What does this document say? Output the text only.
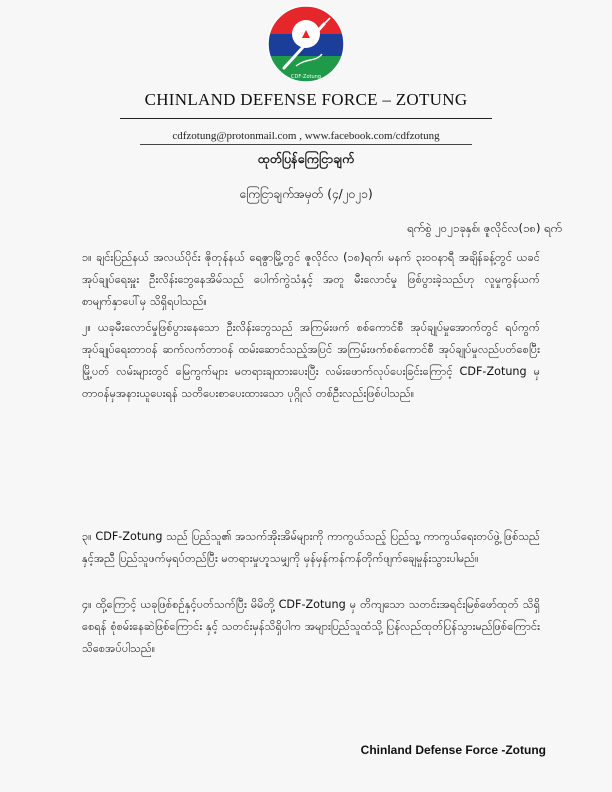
CDF-Zotung
CHINLAND DEFENSE FORCE – ZOTUNG
cdfzotung@protonmail.com , www.facebook.com/cdfzotung
ထုတ်ပြန်ကြေငြာချက်
ကြေငြာချက်အမှတ် (၄/၂၀၂၁)
ရက်စွဲ ၂၀၂၁ခုနှစ်၊ ဇူလိုင်လ(၁၈) ရက်
၁။ ချင်းပြည်နယ် အလယ်ပိုင်း ဇိုတုန်နယ် ရေဇွာမြို့တွင် ဇူလိုင်လ (၁၈)ရက်၊ မနက် ၃း၀၀နာရီ အချိန်ခန့်တွင် ယခင်အုပ်ချုပ်ရေးမှူး ဦးလိန်းဘွေနေအိမ်သည် ပေါက်ကွဲသံနှင့် အတူ မီးလောင်မှု ဖြစ်ပွားခဲ့သည်ဟု လူမှုကွန်ယက်စာမျက်နှာပေါ်မှ သိရှိရပါသည်။
၂။ ယခုမီးလောင်မှုဖြစ်ပွားနေသော ဦးလိန်းဘွေသည် အကြမ်းဖက် စစ်ကောင်စီ အုပ်ချုပ်မှုအောက်တွင် ရပ်ကွက် အုပ်ချုပ်ရေးတာဝန် ဆက်လက်တာဝန် ထမ်းဆောင်သည့်အပြင် အကြမ်းဖက်စစ်ကောင်စီ အုပ်ချုပ်မှုလည်ပတ်စေပြီး မြို့ပတ် လမ်းများတွင် မြေကွက်များ မတရားချထားပေးပြီး လမ်းဖောက်လုပ်ပေးခြင်းကြောင့် CDF-Zotung မှ တာဝန်မှအနားယူပေးရန် သတိပေးစာပေးထားသော ပုဂ္ဂိုလ် တစ်ဦးလည်းဖြစ်ပါသည်။
၃။ CDF-Zotung သည် ပြည်သူ၏ အသက်အိုးအိမ်များကို ကာကွယ်သည့် ပြည်သူ့ ကာကွယ်ရေးတပ်ဖွဲ့ ဖြစ်သည်နှင့်အညီ ပြည်သူဖက်မှရပ်တည်ပြီး မတရားမှုဟူသမျှကို မှန်မှန်ကန်ကန်တိုက်ဖျက်ချေမှုန်းသွားပါမည်။
၄။ ထို့ကြောင့် ယခုဖြစ်စဉ်နှင့်ပတ်သက်ပြီး မိမိတို့ CDF-Zotung မှ တိကျသော သတင်းအရင်းမြစ်ဖော်ထုတ် သိရှိစေရန် စုံစမ်းနေဆဲဖြစ်ကြောင်း နှင့် သတင်းမှန်သိရှိပါက အများပြည်သူထံသို့ ပြန်လည်ထုတ်ပြန်သွားမည်ဖြစ်ကြောင်း သိစေအပ်ပါသည်။
Chinland Defense Force -Zotung
